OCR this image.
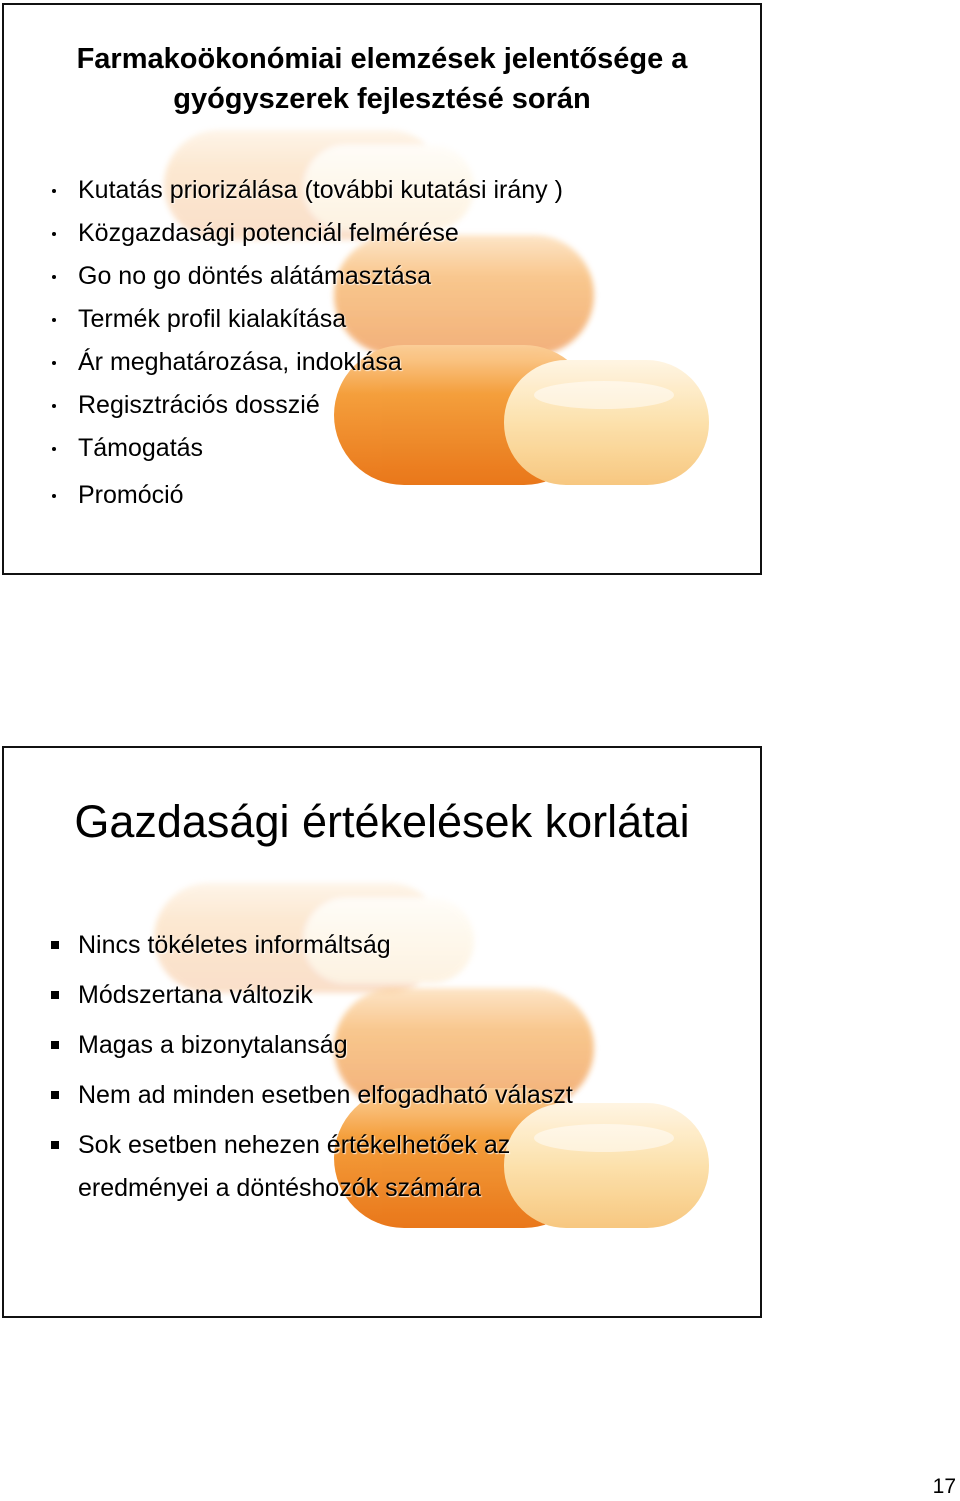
Farmakoökonómiai elemzések jelentősége a
gyógyszerek fejlesztésé során
Kutatás priorizálása (további kutatási irány )
Közgazdasági potenciál felmérése
Go no go döntés alátámasztása
Termék profil kialakítása
Ár meghatározása, indoklása
Regisztrációs dosszié
Támogatás
Promóció
Gazdasági értékelések korlátai
Nincs tökéletes informáltság
Módszertana változik
Magas a bizonytalanság
Nem ad minden esetben elfogadható választ
Sok esetben nehezen értékelhetőek az
eredményei a döntéshozók számára
17
